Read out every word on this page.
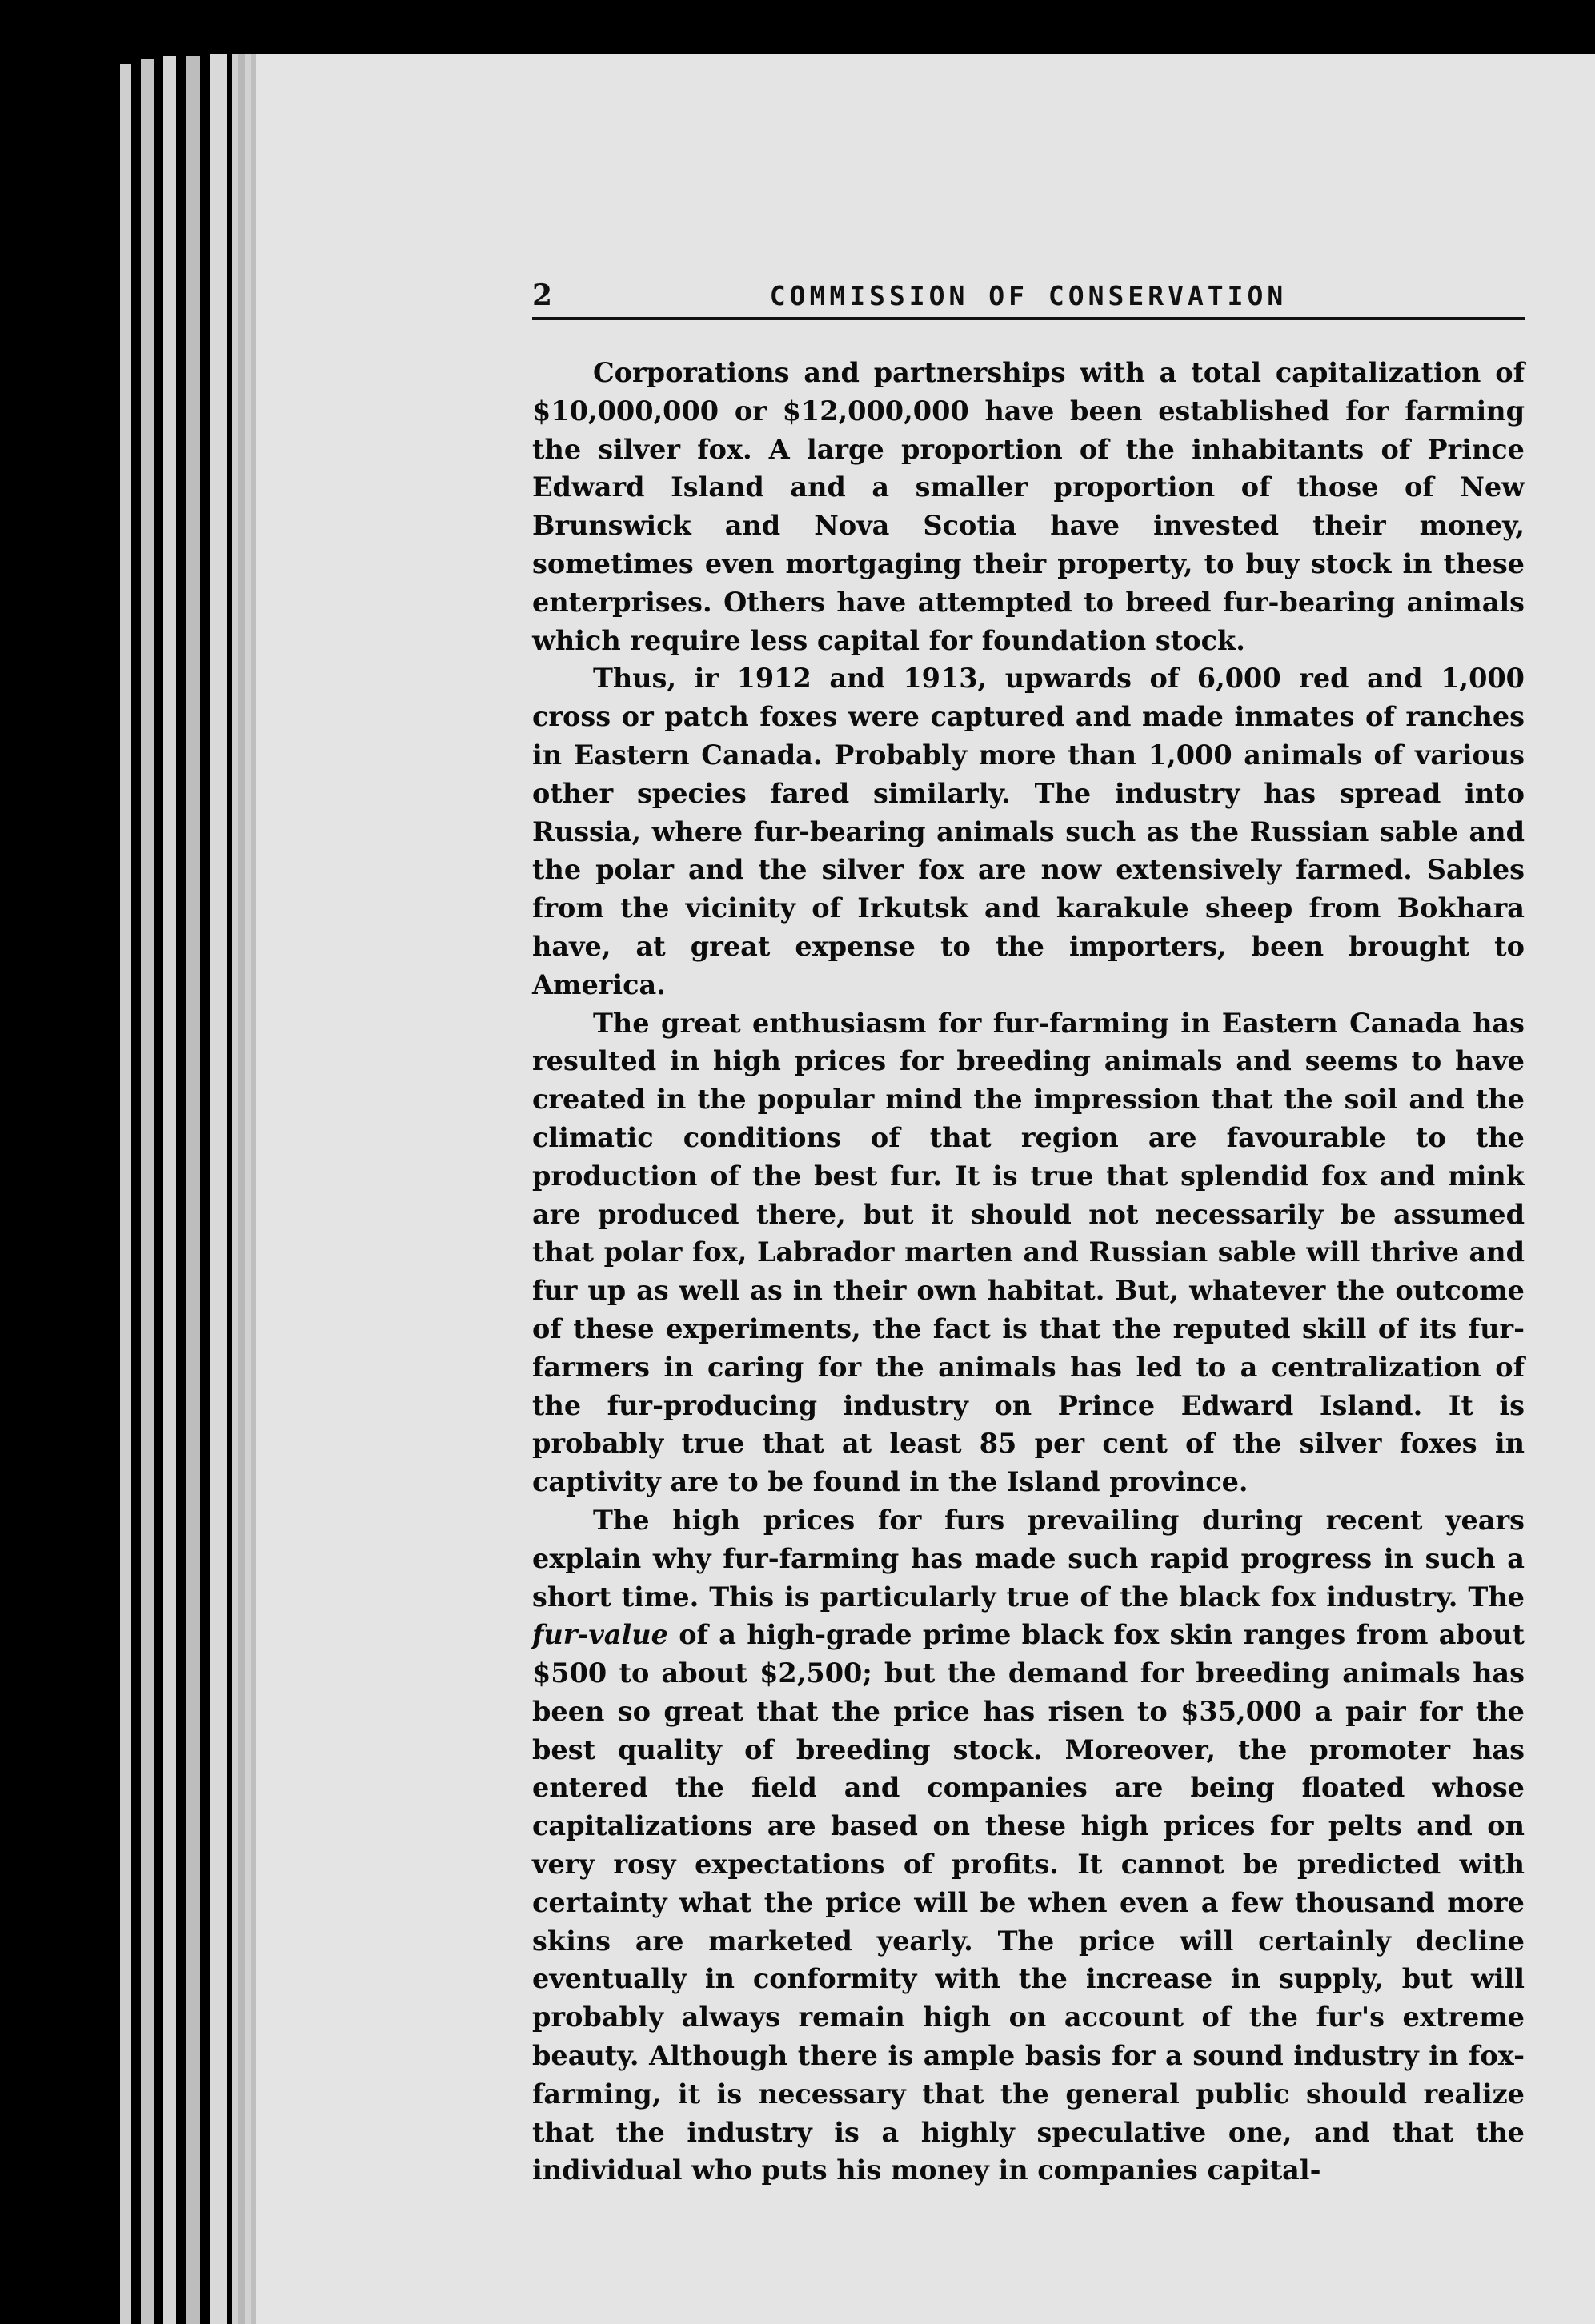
2	COMMISSION OF CONSERVATION

Corporations and partnerships with a total capitalization of $10,000,000 or $12,000,000 have been established for farming the silver fox. A large proportion of the inhabitants of Prince Edward Island and a smaller proportion of those of New Brunswick and Nova Scotia have invested their money, sometimes even mortgaging their property, to buy stock in these enterprises. Others have attempted to breed fur-bearing animals which require less capital for foundation stock.

Thus, ir 1912 and 1913, upwards of 6,000 red and 1,000 cross or patch foxes were captured and made inmates of ranches in Eastern Canada. Probably more than 1,000 animals of various other species fared similarly. The industry has spread into Russia, where fur-bearing animals such as the Russian sable and the polar and the silver fox are now extensively farmed. Sables from the vicinity of Irkutsk and karakule sheep from Bokhara have, at great expense to the importers, been brought to America.

The great enthusiasm for fur-farming in Eastern Canada has resulted in high prices for breeding animals and seems to have created in the popular mind the impression that the soil and the climatic conditions of that region are favourable to the production of the best fur. It is true that splendid fox and mink are produced there, but it should not necessarily be assumed that polar fox, Labrador marten and Russian sable will thrive and fur up as well as in their own habitat. But, whatever the outcome of these experiments, the fact is that the reputed skill of its fur-farmers in caring for the animals has led to a centralization of the fur-producing industry on Prince Edward Island. It is probably true that at least 85 per cent of the silver foxes in captivity are to be found in the Island province.

The high prices for furs prevailing during recent years explain why fur-farming has made such rapid progress in such a short time. This is particularly true of the black fox industry. The fur-value of a high-grade prime black fox skin ranges from about $500 to about $2,500; but the demand for breeding animals has been so great that the price has risen to $35,000 a pair for the best quality of breeding stock. Moreover, the promoter has entered the field and companies are being floated whose capitalizations are based on these high prices for pelts and on very rosy expectations of profits. It cannot be predicted with certainty what the price will be when even a few thousand more skins are marketed yearly. The price will certainly decline eventually in conformity with the increase in supply, but will probably always remain high on account of the fur's extreme beauty. Although there is ample basis for a sound industry in fox-farming, it is necessary that the general public should realize that the industry is a highly speculative one, and that the individual who puts his money in companies capital-
